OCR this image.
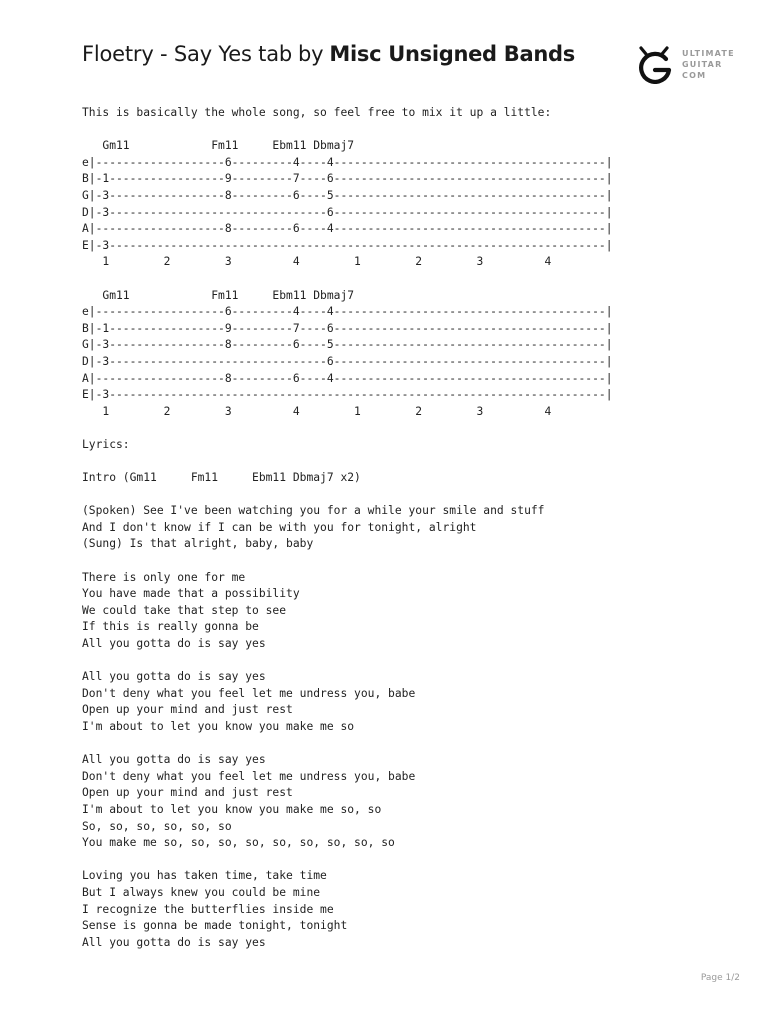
Floetry - Say Yes tab by Misc Unsigned Bands	ULTIMATE
GUITAR
COM
This is basically the whole song, so feel free to mix it up a little:
Gm11            Fm11     Ebm11 Dbmaj7
e|-------------------6---------4----4----------------------------------------|
B|-1-----------------9---------7----6----------------------------------------|
G|-3-----------------8---------6----5----------------------------------------|
D|-3--------------------------------6----------------------------------------|
A|-------------------8---------6----4----------------------------------------|
E|-3-------------------------------------------------------------------------|
1        2        3         4        1        2        3         4
Gm11            Fm11     Ebm11 Dbmaj7
e|-------------------6---------4----4----------------------------------------|
B|-1-----------------9---------7----6----------------------------------------|
G|-3-----------------8---------6----5----------------------------------------|
D|-3--------------------------------6----------------------------------------|
A|-------------------8---------6----4----------------------------------------|
E|-3-------------------------------------------------------------------------|
1        2        3         4        1        2        3         4
Lyrics:
Intro (Gm11     Fm11     Ebm11 Dbmaj7 x2)
(Spoken) See I've been watching you for a while your smile and stuff
And I don't know if I can be with you for tonight, alright
(Sung) Is that alright, baby, baby
There is only one for me
You have made that a possibility
We could take that step to see
If this is really gonna be
All you gotta do is say yes
All you gotta do is say yes
Don't deny what you feel let me undress you, babe
Open up your mind and just rest
I'm about to let you know you make me so
All you gotta do is say yes
Don't deny what you feel let me undress you, babe
Open up your mind and just rest
I'm about to let you know you make me so, so
So, so, so, so, so, so
You make me so, so, so, so, so, so, so, so, so
Loving you has taken time, take time
But I always knew you could be mine
I recognize the butterflies inside me
Sense is gonna be made tonight, tonight
All you gotta do is say yes
Page 1/2
